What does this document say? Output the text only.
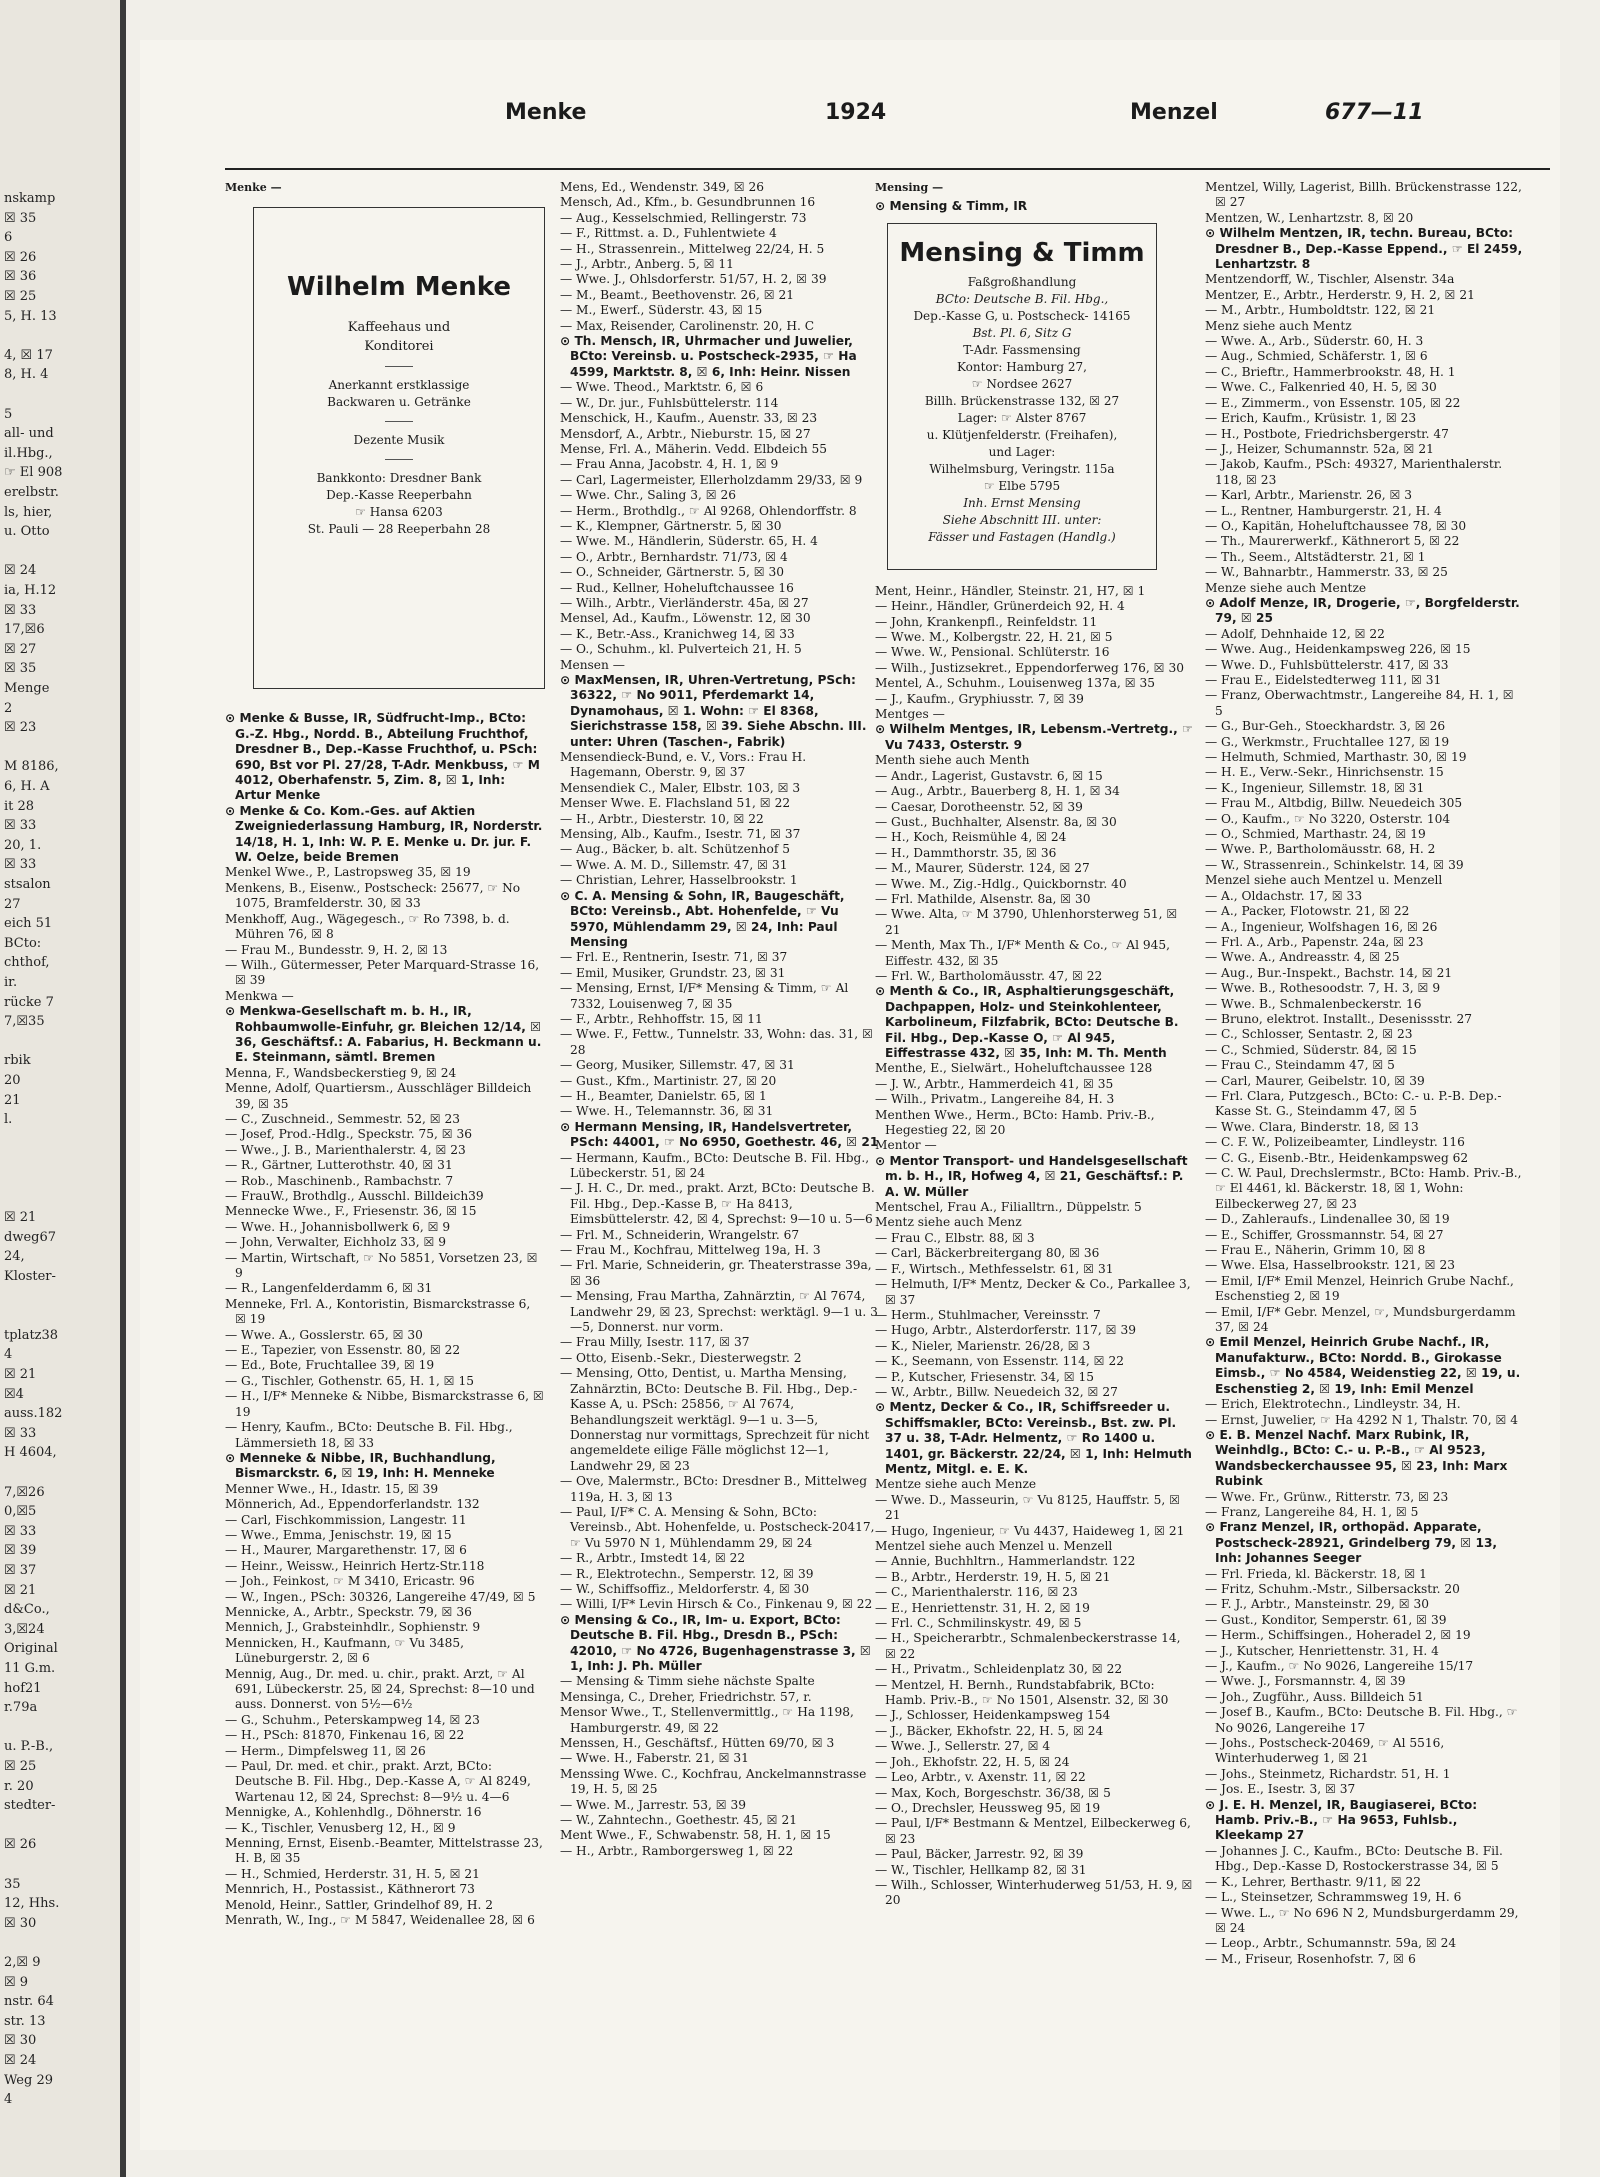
nskamp
☒ 35
6
☒ 26
☒ 36
☒ 25
5, H. 13
4, ☒ 17
8, H. 4
5
all- und
il.Hbg.,
☞ El 908
erelbstr.
ls, hier,
u. Otto
☒ 24
ia, H.12
☒ 33
17,☒6
☒ 27
☒ 35
Menge
2
☒ 23
M 8186,
6, H. A
it 28
☒ 33
20, 1.
☒ 33
stsalon
27
eich 51
BCto:
chthof,
ir.
rücke 7
7,☒35
rbik
20
21
l.
☒ 21
dweg67
24,
Kloster-
tplatz38
4
☒ 21
☒4
auss.182
☒ 33
H 4604,
7,☒26
0,☒5
☒ 33
☒ 39
☒ 37
☒ 21
d&Co.,
3,☒24
Original
11 G.m.
hof21
r.79a
u. P.-B.,
☒ 25
r. 20
stedter-
☒ 26
35
12, Hhs.
☒ 30
2,☒ 9
☒ 9
nstr. 64
str. 13
☒ 30
☒ 24
Weg 29
4
Menke	1924	Menzel	677—11
Menke —
Wilhelm Menke
Kaffeehaus und
Konditorei
Anerkannt erstklassige
Backwaren u. Getränke
Dezente Musik
Bankkonto: Dresdner Bank
Dep.-Kasse Reeperbahn
☞ Hansa 6203
St. Pauli — 28 Reeperbahn 28
⊙ Menke & Busse, IR, Südfrucht-Imp., BCto: G.-Z. Hbg., Nordd. B., Abteilung Fruchthof, Dresdner B., Dep.-Kasse Fruchthof, u. PSch: 690, Bst vor Pl. 27/28, T-Adr. Menkbuss, ☞ M 4012, Oberhafenstr. 5, Zim. 8, ☒ 1, Inh: Artur Menke
⊙ Menke & Co. Kom.-Ges. auf Aktien Zweigniederlassung Hamburg, IR, Norderstr. 14/18, H. 1, Inh: W. P. E. Menke u. Dr. jur. F. W. Oelze, beide Bremen
Menkel Wwe., P., Lastropsweg 35, ☒ 19
Menkens, B., Eisenw., Postscheck: 25677, ☞ No 1075, Bramfelderstr. 30, ☒ 33
Menkhoff, Aug., Wägegesch., ☞ Ro 7398, b. d. Mühren 76, ☒ 8
— Frau M., Bundesstr. 9, H. 2, ☒ 13
— Wilh., Gütermesser, Peter Marquard-Strasse 16, ☒ 39
Menkwa —
⊙ Menkwa-Gesellschaft m. b. H., IR, Rohbaumwolle-Einfuhr, gr. Bleichen 12/14, ☒ 36, Geschäftsf.: A. Fabarius, H. Beckmann u. E. Steinmann, sämtl. Bremen
Menna, F., Wandsbeckerstieg 9, ☒ 24
Menne, Adolf, Quartiersm., Ausschläger Billdeich 39, ☒ 35
— C., Zuschneid., Semmestr. 52, ☒ 23
— Josef, Prod.-Hdlg., Speckstr. 75, ☒ 36
— Wwe., J. B., Marienthalerstr. 4, ☒ 23
— R., Gärtner, Lutterothstr. 40, ☒ 31
— Rob., Maschinenb., Rambachstr. 7
— FrauW., Brothdlg., Ausschl. Billdeich39
Mennecke Wwe., F., Friesenstr. 36, ☒ 15
— Wwe. H., Johannisbollwerk 6, ☒ 9
— John, Verwalter, Eichholz 33, ☒ 9
— Martin, Wirtschaft, ☞ No 5851, Vorsetzen 23, ☒ 9
— R., Langenfelderdamm 6, ☒ 31
Menneke, Frl. A., Kontoristin, Bismarckstrasse 6, ☒ 19
— Wwe. A., Gosslerstr. 65, ☒ 30
— E., Tapezier, von Essenstr. 80, ☒ 22
— Ed., Bote, Fruchtallee 39, ☒ 19
— G., Tischler, Gothenstr. 65, H. 1, ☒ 15
— H., I/F* Menneke & Nibbe, Bismarckstrasse 6, ☒ 19
— Henry, Kaufm., BCto: Deutsche B. Fil. Hbg., Lämmersieth 18, ☒ 33
⊙ Menneke & Nibbe, IR, Buchhandlung, Bismarckstr. 6, ☒ 19, Inh: H. Menneke
Menner Wwe., H., Idastr. 15, ☒ 39
Mönnerich, Ad., Eppendorferlandstr. 132
— Carl, Fischkommission, Langestr. 11
— Wwe., Emma, Jenischstr. 19, ☒ 15
— H., Maurer, Margarethenstr. 17, ☒ 6
— Heinr., Weissw., Heinrich Hertz-Str.118
— Joh., Feinkost, ☞ M 3410, Ericastr. 96
— W., Ingen., PSch: 30326, Langereihe 47/49, ☒ 5
Mennicke, A., Arbtr., Speckstr. 79, ☒ 36
Mennich, J., Grabsteinhdlr., Sophienstr. 9
Mennicken, H., Kaufmann, ☞ Vu 3485, Lüneburgerstr. 2, ☒ 6
Mennig, Aug., Dr. med. u. chir., prakt. Arzt, ☞ Al 691, Lübeckerstr. 25, ☒ 24, Sprechst: 8—10 und auss. Donnerst. von 5½—6½
— G., Schuhm., Peterskampweg 14, ☒ 23
— H., PSch: 81870, Finkenau 16, ☒ 22
— Herm., Dimpfelsweg 11, ☒ 26
— Paul, Dr. med. et chir., prakt. Arzt, BCto: Deutsche B. Fil. Hbg., Dep.-Kasse A, ☞ Al 8249, Wartenau 12, ☒ 24, Sprechst: 8—9½ u. 4—6
Mennigke, A., Kohlenhdlg., Döhnerstr. 16
— K., Tischler, Venusberg 12, H., ☒ 9
Menning, Ernst, Eisenb.-Beamter, Mittelstrasse 23, H. B, ☒ 35
— H., Schmied, Herderstr. 31, H. 5, ☒ 21
Mennrich, H., Postassist., Käthnerort 73
Menold, Heinr., Sattler, Grindelhof 89, H. 2
Menrath, W., Ing., ☞ M 5847, Weidenallee 28, ☒ 6
Mens, Ed., Wendenstr. 349, ☒ 26
Mensch, Ad., Kfm., b. Gesundbrunnen 16
— Aug., Kesselschmied, Rellingerstr. 73
— F., Rittmst. a. D., Fuhlentwiete 4
— H., Strassenrein., Mittelweg 22/24, H. 5
— J., Arbtr., Anberg. 5, ☒ 11
— Wwe. J., Ohlsdorferstr. 51/57, H. 2, ☒ 39
— M., Beamt., Beethovenstr. 26, ☒ 21
— M., Ewerf., Süderstr. 43, ☒ 15
— Max, Reisender, Carolinenstr. 20, H. C
⊙ Th. Mensch, IR, Uhrmacher und Juwelier, BCto: Vereinsb. u. Postscheck-2935, ☞ Ha 4599, Marktstr. 8, ☒ 6, Inh: Heinr. Nissen
— Wwe. Theod., Marktstr. 6, ☒ 6
— W., Dr. jur., Fuhlsbüttelerstr. 114
Menschick, H., Kaufm., Auenstr. 33, ☒ 23
Mensdorf, A., Arbtr., Nieburstr. 15, ☒ 27
Mense, Frl. A., Mäherin. Vedd. Elbdeich 55
— Frau Anna, Jacobstr. 4, H. 1, ☒ 9
— Carl, Lagermeister, Ellerholzdamm 29/33, ☒ 9
— Wwe. Chr., Saling 3, ☒ 26
— Herm., Brothdlg., ☞ Al 9268, Ohlendorffstr. 8
— K., Klempner, Gärtnerstr. 5, ☒ 30
— Wwe. M., Händlerin, Süderstr. 65, H. 4
— O., Arbtr., Bernhardstr. 71/73, ☒ 4
— O., Schneider, Gärtnerstr. 5, ☒ 30
— Rud., Kellner, Hoheluftchaussee 16
— Wilh., Arbtr., Vierländerstr. 45a, ☒ 27
Mensel, Ad., Kaufm., Löwenstr. 12, ☒ 30
— K., Betr.-Ass., Kranichweg 14, ☒ 33
— O., Schuhm., kl. Pulverteich 21, H. 5
Mensen —
⊙ MaxMensen, IR, Uhren-Vertretung, PSch: 36322, ☞ No 9011, Pferdemarkt 14, Dynamohaus, ☒ 1. Wohn: ☞ El 8368, Sierichstrasse 158, ☒ 39. Siehe Abschn. III. unter: Uhren (Taschen-, Fabrik)
Mensendieck-Bund, e. V., Vors.: Frau H. Hagemann, Oberstr. 9, ☒ 37
Mensendiek C., Maler, Elbstr. 103, ☒ 3
Menser Wwe. E. Flachsland 51, ☒ 22
— H., Arbtr., Diesterstr. 10, ☒ 22
Mensing, Alb., Kaufm., Isestr. 71, ☒ 37
— Aug., Bäcker, b. alt. Schützenhof 5
— Wwe. A. M. D., Sillemstr. 47, ☒ 31
— Christian, Lehrer, Hasselbrookstr. 1
⊙ C. A. Mensing & Sohn, IR, Baugeschäft, BCto: Vereinsb., Abt. Hohenfelde, ☞ Vu 5970, Mühlendamm 29, ☒ 24, Inh: Paul Mensing
— Frl. E., Rentnerin, Isestr. 71, ☒ 37
— Emil, Musiker, Grundstr. 23, ☒ 31
— Mensing, Ernst, I/F* Mensing & Timm, ☞ Al 7332, Louisenweg 7, ☒ 35
— F., Arbtr., Rehhoffstr. 15, ☒ 11
— Wwe. F., Fettw., Tunnelstr. 33, Wohn: das. 31, ☒ 28
— Georg, Musiker, Sillemstr. 47, ☒ 31
— Gust., Kfm., Martinistr. 27, ☒ 20
— H., Beamter, Danielstr. 65, ☒ 1
— Wwe. H., Telemannstr. 36, ☒ 31
⊙ Hermann Mensing, IR, Handelsvertreter, PSch: 44001, ☞ No 6950, Goethestr. 46, ☒ 21
— Hermann, Kaufm., BCto: Deutsche B. Fil. Hbg., Lübeckerstr. 51, ☒ 24
— J. H. C., Dr. med., prakt. Arzt, BCto: Deutsche B. Fil. Hbg., Dep.-Kasse B, ☞ Ha 8413, Eimsbüttelerstr. 42, ☒ 4, Sprechst: 9—10 u. 5—6
— Frl. M., Schneiderin, Wrangelstr. 67
— Frau M., Kochfrau, Mittelweg 19a, H. 3
— Frl. Marie, Schneiderin, gr. Theaterstrasse 39a, ☒ 36
— Mensing, Frau Martha, Zahnärztin, ☞ Al 7674, Landwehr 29, ☒ 23, Sprechst: werktägl. 9—1 u. 3—5, Donnerst. nur vorm.
— Frau Milly, Isestr. 117, ☒ 37
— Otto, Eisenb.-Sekr., Diesterwegstr. 2
— Mensing, Otto, Dentist, u. Martha Mensing, Zahnärztin, BCto: Deutsche B. Fil. Hbg., Dep.-Kasse A, u. PSch: 25856, ☞ Al 7674, Behandlungszeit werktägl. 9—1 u. 3—5, Donnerstag nur vormittags, Sprechzeit für nicht angemeldete eilige Fälle möglichst 12—1, Landwehr 29, ☒ 23
— Ove, Malermstr., BCto: Dresdner B., Mittelweg 119a, H. 3, ☒ 13
— Paul, I/F* C. A. Mensing & Sohn, BCto: Vereinsb., Abt. Hohenfelde, u. Postscheck-20417, ☞ Vu 5970 N 1, Mühlendamm 29, ☒ 24
— R., Arbtr., Imstedt 14, ☒ 22
— R., Elektrotechn., Semperstr. 12, ☒ 39
— W., Schiffsoffiz., Meldorferstr. 4, ☒ 30
— Willi, I/F* Levin Hirsch & Co., Finkenau 9, ☒ 22
⊙ Mensing & Co., IR, Im- u. Export, BCto: Deutsche B. Fil. Hbg., Dresdn B., PSch: 42010, ☞ No 4726, Bugenhagenstrasse 3, ☒ 1, Inh: J. Ph. Müller
— Mensing & Timm siehe nächste Spalte
Mensinga, C., Dreher, Friedrichstr. 57, r.
Mensor Wwe., T., Stellenvermittlg., ☞ Ha 1198, Hamburgerstr. 49, ☒ 22
Menssen, H., Geschäftsf., Hütten 69/70, ☒ 3
— Wwe. H., Faberstr. 21, ☒ 31
Menssing Wwe. C., Kochfrau, Anckelmannstrasse 19, H. 5, ☒ 25
— Wwe. M., Jarrestr. 53, ☒ 39
— W., Zahntechn., Goethestr. 45, ☒ 21
Ment Wwe., F., Schwabenstr. 58, H. 1, ☒ 15
— H., Arbtr., Ramborgersweg 1, ☒ 22
Mensing —
⊙ Mensing & Timm, IR
Mensing & Timm
Faßgroßhandlung
BCto: Deutsche B. Fil. Hbg.,
Dep.-Kasse G, u. Postscheck- 14165
Bst. Pl. 6, Sitz G
T-Adr. Fassmensing
Kontor: Hamburg 27,
☞ Nordsee 2627
Billh. Brückenstrasse 132, ☒ 27
Lager: ☞ Alster 8767
u. Klütjenfelderstr. (Freihafen),
und Lager:
Wilhelmsburg, Veringstr. 115a
☞ Elbe 5795
Inh. Ernst Mensing
Siehe Abschnitt III. unter:
Fässer und Fastagen (Handlg.)
Ment, Heinr., Händler, Steinstr. 21, H7, ☒ 1
— Heinr., Händler, Grünerdeich 92, H. 4
— John, Krankenpfl., Reinfeldstr. 11
— Wwe. M., Kolbergstr. 22, H. 21, ☒ 5
— Wwe. W., Pensional. Schlüterstr. 16
— Wilh., Justizsekret., Eppendorferweg 176, ☒ 30
Mentel, A., Schuhm., Louisenweg 137a, ☒ 35
— J., Kaufm., Gryphiusstr. 7, ☒ 39
Mentges —
⊙ Wilhelm Mentges, IR, Lebensm.-Vertretg., ☞ Vu 7433, Osterstr. 9
Menth siehe auch Menth
— Andr., Lagerist, Gustavstr. 6, ☒ 15
— Aug., Arbtr., Bauerberg 8, H. 1, ☒ 34
— Caesar, Dorotheenstr. 52, ☒ 39
— Gust., Buchhalter, Alsenstr. 8a, ☒ 30
— H., Koch, Reismühle 4, ☒ 24
— H., Dammthorstr. 35, ☒ 36
— M., Maurer, Süderstr. 124, ☒ 27
— Wwe. M., Zig.-Hdlg., Quickbornstr. 40
— Frl. Mathilde, Alsenstr. 8a, ☒ 30
— Wwe. Alta, ☞ M 3790, Uhlenhorsterweg 51, ☒ 21
— Menth, Max Th., I/F* Menth & Co., ☞ Al 945, Eiffestr. 432, ☒ 35
— Frl. W., Bartholomäusstr. 47, ☒ 22
⊙ Menth & Co., IR, Asphaltierungsgeschäft, Dachpappen, Holz- und Steinkohlenteer, Karbolineum, Filzfabrik, BCto: Deutsche B. Fil. Hbg., Dep.-Kasse O, ☞ Al 945, Eiffestrasse 432, ☒ 35, Inh: M. Th. Menth
Menthe, E., Sielwärt., Hoheluftchaussee 128
— J. W., Arbtr., Hammerdeich 41, ☒ 35
— Wilh., Privatm., Langereihe 84, H. 3
Menthen Wwe., Herm., BCto: Hamb. Priv.-B., Hegestieg 22, ☒ 20
Mentor —
⊙ Mentor Transport- und Handelsgesellschaft m. b. H., IR, Hofweg 4, ☒ 21, Geschäftsf.: P. A. W. Müller
Mentschel, Frau A., Filialltrn., Düppelstr. 5
Mentz siehe auch Menz
— Frau C., Elbstr. 88, ☒ 3
— Carl, Bäckerbreitergang 80, ☒ 36
— F., Wirtsch., Methfesselstr. 61, ☒ 31
— Helmuth, I/F* Mentz, Decker & Co., Parkallee 3, ☒ 37
— Herm., Stuhlmacher, Vereinsstr. 7
— Hugo, Arbtr., Alsterdorferstr. 117, ☒ 39
— K., Nieler, Marienstr. 26/28, ☒ 3
— K., Seemann, von Essenstr. 114, ☒ 22
— P., Kutscher, Friesenstr. 34, ☒ 15
— W., Arbtr., Billw. Neuedeich 32, ☒ 27
⊙ Mentz, Decker & Co., IR, Schiffsreeder u. Schiffsmakler, BCto: Vereinsb., Bst. zw. Pl. 37 u. 38, T-Adr. Helmentz, ☞ Ro 1400 u. 1401, gr. Bäckerstr. 22/24, ☒ 1, Inh: Helmuth Mentz, Mitgl. e. E. K.
Mentze siehe auch Menze
— Wwe. D., Masseurin, ☞ Vu 8125, Hauffstr. 5, ☒ 21
— Hugo, Ingenieur, ☞ Vu 4437, Haideweg 1, ☒ 21
Mentzel siehe auch Menzel u. Menzell
— Annie, Buchhltrn., Hammerlandstr. 122
— B., Arbtr., Herderstr. 19, H. 5, ☒ 21
— C., Marienthalerstr. 116, ☒ 23
— E., Henriettenstr. 31, H. 2, ☒ 19
— Frl. C., Schmilinskystr. 49, ☒ 5
— H., Speicherarbtr., Schmalenbeckerstrasse 14, ☒ 22
— H., Privatm., Schleidenplatz 30, ☒ 22
— Mentzel, H. Bernh., Rundstabfabrik, BCto: Hamb. Priv.-B., ☞ No 1501, Alsenstr. 32, ☒ 30
— J., Schlosser, Heidenkampsweg 154
— J., Bäcker, Ekhofstr. 22, H. 5, ☒ 24
— Wwe. J., Sellerstr. 27, ☒ 4
— Joh., Ekhofstr. 22, H. 5, ☒ 24
— Leo, Arbtr., v. Axenstr. 11, ☒ 22
— Max, Koch, Borgeschstr. 36/38, ☒ 5
— O., Drechsler, Heussweg 95, ☒ 19
— Paul, I/F* Bestmann & Mentzel, Eilbeckerweg 6, ☒ 23
— Paul, Bäcker, Jarrestr. 92, ☒ 39
— W., Tischler, Hellkamp 82, ☒ 31
— Wilh., Schlosser, Winterhuderweg 51/53, H. 9, ☒ 20
Mentzel, Willy, Lagerist, Billh. Brückenstrasse 122, ☒ 27
Mentzen, W., Lenhartzstr. 8, ☒ 20
⊙ Wilhelm Mentzen, IR, techn. Bureau, BCto: Dresdner B., Dep.-Kasse Eppend., ☞ El 2459, Lenhartzstr. 8
Mentzendorff, W., Tischler, Alsenstr. 34a
Mentzer, E., Arbtr., Herderstr. 9, H. 2, ☒ 21
— M., Arbtr., Humboldtstr. 122, ☒ 21
Menz siehe auch Mentz
— Wwe. A., Arb., Süderstr. 60, H. 3
— Aug., Schmied, Schäferstr. 1, ☒ 6
— C., Brieftr., Hammerbrookstr. 48, H. 1
— Wwe. C., Falkenried 40, H. 5, ☒ 30
— E., Zimmerm., von Essenstr. 105, ☒ 22
— Erich, Kaufm., Krüsistr. 1, ☒ 23
— H., Postbote, Friedrichsbergerstr. 47
— J., Heizer, Schumannstr. 52a, ☒ 21
— Jakob, Kaufm., PSch: 49327, Marienthalerstr. 118, ☒ 23
— Karl, Arbtr., Marienstr. 26, ☒ 3
— L., Rentner, Hamburgerstr. 21, H. 4
— O., Kapitän, Hoheluftchaussee 78, ☒ 30
— Th., Maurerwerkf., Käthnerort 5, ☒ 22
— Th., Seem., Altstädterstr. 21, ☒ 1
— W., Bahnarbtr., Hammerstr. 33, ☒ 25
Menze siehe auch Mentze
⊙ Adolf Menze, IR, Drogerie, ☞, Borgfelderstr. 79, ☒ 25
— Adolf, Dehnhaide 12, ☒ 22
— Wwe. Aug., Heidenkampsweg 226, ☒ 15
— Wwe. D., Fuhlsbüttelerstr. 417, ☒ 33
— Frau E., Eidelstedterweg 111, ☒ 31
— Franz, Oberwachtmstr., Langereihe 84, H. 1, ☒ 5
— G., Bur-Geh., Stoeckhardstr. 3, ☒ 26
— G., Werkmstr., Fruchtallee 127, ☒ 19
— Helmuth, Schmied, Marthastr. 30, ☒ 19
— H. E., Verw.-Sekr., Hinrichsenstr. 15
— K., Ingenieur, Sillemstr. 18, ☒ 31
— Frau M., Altbdig, Billw. Neuedeich 305
— O., Kaufm., ☞ No 3220, Osterstr. 104
— O., Schmied, Marthastr. 24, ☒ 19
— Wwe. P., Bartholomäusstr. 68, H. 2
— W., Strassenrein., Schinkelstr. 14, ☒ 39
Menzel siehe auch Mentzel u. Menzell
— A., Oldachstr. 17, ☒ 33
— A., Packer, Flotowstr. 21, ☒ 22
— A., Ingenieur, Wolfshagen 16, ☒ 26
— Frl. A., Arb., Papenstr. 24a, ☒ 23
— Wwe. A., Andreasstr. 4, ☒ 25
— Aug., Bur.-Inspekt., Bachstr. 14, ☒ 21
— Wwe. B., Rothesoodstr. 7, H. 3, ☒ 9
— Wwe. B., Schmalenbeckerstr. 16
— Bruno, elektrot. Installt., Desenissstr. 27
— C., Schlosser, Sentastr. 2, ☒ 23
— C., Schmied, Süderstr. 84, ☒ 15
— Frau C., Steindamm 47, ☒ 5
— Carl, Maurer, Geibelstr. 10, ☒ 39
— Frl. Clara, Putzgesch., BCto: C.- u. P.-B. Dep.-Kasse St. G., Steindamm 47, ☒ 5
— Wwe. Clara, Binderstr. 18, ☒ 13
— C. F. W., Polizeibeamter, Lindleystr. 116
— C. G., Eisenb.-Btr., Heidenkampsweg 62
— C. W. Paul, Drechslermstr., BCto: Hamb. Priv.-B., ☞ El 4461, kl. Bäckerstr. 18, ☒ 1, Wohn: Eilbeckerweg 27, ☒ 23
— D., Zahleraufs., Lindenallee 30, ☒ 19
— E., Schiffer, Grossmannstr. 54, ☒ 27
— Frau E., Näherin, Grimm 10, ☒ 8
— Wwe. Elsa, Hasselbrookstr. 121, ☒ 23
— Emil, I/F* Emil Menzel, Heinrich Grube Nachf., Eschenstieg 2, ☒ 19
— Emil, I/F* Gebr. Menzel, ☞, Mundsburgerdamm 37, ☒ 24
⊙ Emil Menzel, Heinrich Grube Nachf., IR, Manufakturw., BCto: Nordd. B., Girokasse Eimsb., ☞ No 4584, Weidenstieg 22, ☒ 19, u. Eschenstieg 2, ☒ 19, Inh: Emil Menzel
— Erich, Elektrotechn., Lindleystr. 34, H.
— Ernst, Juwelier, ☞ Ha 4292 N 1, Thalstr. 70, ☒ 4
⊙ E. B. Menzel Nachf. Marx Rubink, IR, Weinhdlg., BCto: C.- u. P.-B., ☞ Al 9523, Wandsbeckerchaussee 95, ☒ 23, Inh: Marx Rubink
— Wwe. Fr., Grünw., Ritterstr. 73, ☒ 23
— Franz, Langereihe 84, H. 1, ☒ 5
⊙ Franz Menzel, IR, orthopäd. Apparate, Postscheck-28921, Grindelberg 79, ☒ 13, Inh: Johannes Seeger
— Frl. Frieda, kl. Bäckerstr. 18, ☒ 1
— Fritz, Schuhm.-Mstr., Silbersackstr. 20
— F. J., Arbtr., Mansteinstr. 29, ☒ 30
— Gust., Konditor, Semperstr. 61, ☒ 39
— Herm., Schiffsingen., Hoheradel 2, ☒ 19
— J., Kutscher, Henriettenstr. 31, H. 4
— J., Kaufm., ☞ No 9026, Langereihe 15/17
— Wwe. J., Forsmannstr. 4, ☒ 39
— Joh., Zugführ., Auss. Billdeich 51
— Josef B., Kaufm., BCto: Deutsche B. Fil. Hbg., ☞ No 9026, Langereihe 17
— Johs., Postscheck-20469, ☞ Al 5516, Winterhuderweg 1, ☒ 21
— Johs., Steinmetz, Richardstr. 51, H. 1
— Jos. E., Isestr. 3, ☒ 37
⊙ J. E. H. Menzel, IR, Baugiaserei, BCto: Hamb. Priv.-B., ☞ Ha 9653, Fuhlsb., Kleekamp 27
— Johannes J. C., Kaufm., BCto: Deutsche B. Fil. Hbg., Dep.-Kasse D, Rostockerstrasse 34, ☒ 5
— K., Lehrer, Berthastr. 9/11, ☒ 22
— L., Steinsetzer, Schrammsweg 19, H. 6
— Wwe. L., ☞ No 696 N 2, Mundsburgerdamm 29, ☒ 24
— Leop., Arbtr., Schumannstr. 59a, ☒ 24
— M., Friseur, Rosenhofstr. 7, ☒ 6
